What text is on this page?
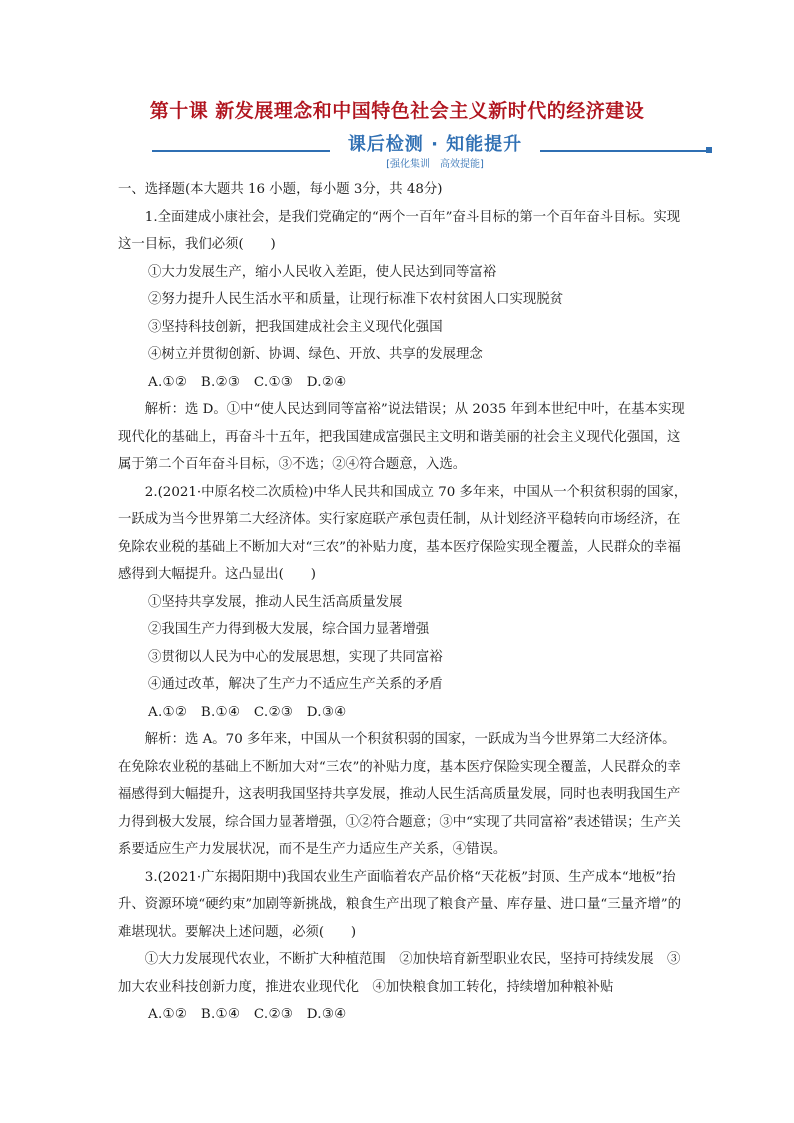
第十课 新发展理念和中国特色社会主义新时代的经济建设
课后检测 · 知能提升
[强化集训　高效提能]

一、选择题(本大题共 16 小题，每小题 3分，共 48分)

1.全面建成小康社会，是我们党确定的“两个一百年”奋斗目标的第一个百年奋斗目标。实现这一目标，我们必须(　　)

①大力发展生产，缩小人民收入差距，使人民达到同等富裕

②努力提升人民生活水平和质量，让现行标准下农村贫困人口实现脱贫

③坚持科技创新，把我国建成社会主义现代化强国

④树立并贯彻创新、协调、绿色、开放、共享的发展理念

A.①②　B.②③　C.①③　D.②④

解析：选 D。①中“使人民达到同等富裕”说法错误；从 2035 年到本世纪中叶，在基本实现现代化的基础上，再奋斗十五年，把我国建成富强民主文明和谐美丽的社会主义现代化强国，这属于第二个百年奋斗目标，③不选；②④符合题意，入选。

2.(2021·中原名校二次质检)中华人民共和国成立 70 多年来，中国从一个积贫积弱的国家，一跃成为当今世界第二大经济体。实行家庭联产承包责任制，从计划经济平稳转向市场经济，在免除农业税的基础上不断加大对“三农”的补贴力度，基本医疗保险实现全覆盖，人民群众的幸福感得到大幅提升。这凸显出(　　)

①坚持共享发展，推动人民生活高质量发展

②我国生产力得到极大发展，综合国力显著增强

③贯彻以人民为中心的发展思想，实现了共同富裕

④通过改革，解决了生产力不适应生产关系的矛盾

A.①②　B.①④　C.②③　D.③④

解析：选 A。70 多年来，中国从一个积贫积弱的国家，一跃成为当今世界第二大经济体。在免除农业税的基础上不断加大对“三农”的补贴力度，基本医疗保险实现全覆盖，人民群众的幸福感得到大幅提升，这表明我国坚持共享发展，推动人民生活高质量发展，同时也表明我国生产力得到极大发展，综合国力显著增强，①②符合题意；③中“实现了共同富裕”表述错误；生产关系要适应生产力发展状况，而不是生产力适应生产关系，④错误。

3.(2021·广东揭阳期中)我国农业生产面临着农产品价格“天花板”封顶、生产成本“地板”抬升、资源环境“硬约束”加剧等新挑战，粮食生产出现了粮食产量、库存量、进口量“三量齐增”的难堪现状。要解决上述问题，必须(　　)

①大力发展现代农业，不断扩大种植范围　②加快培育新型职业农民，坚持可持续发展　③加大农业科技创新力度，推进农业现代化　④加快粮食加工转化，持续增加种粮补贴

A.①②　B.①④　C.②③　D.③④
